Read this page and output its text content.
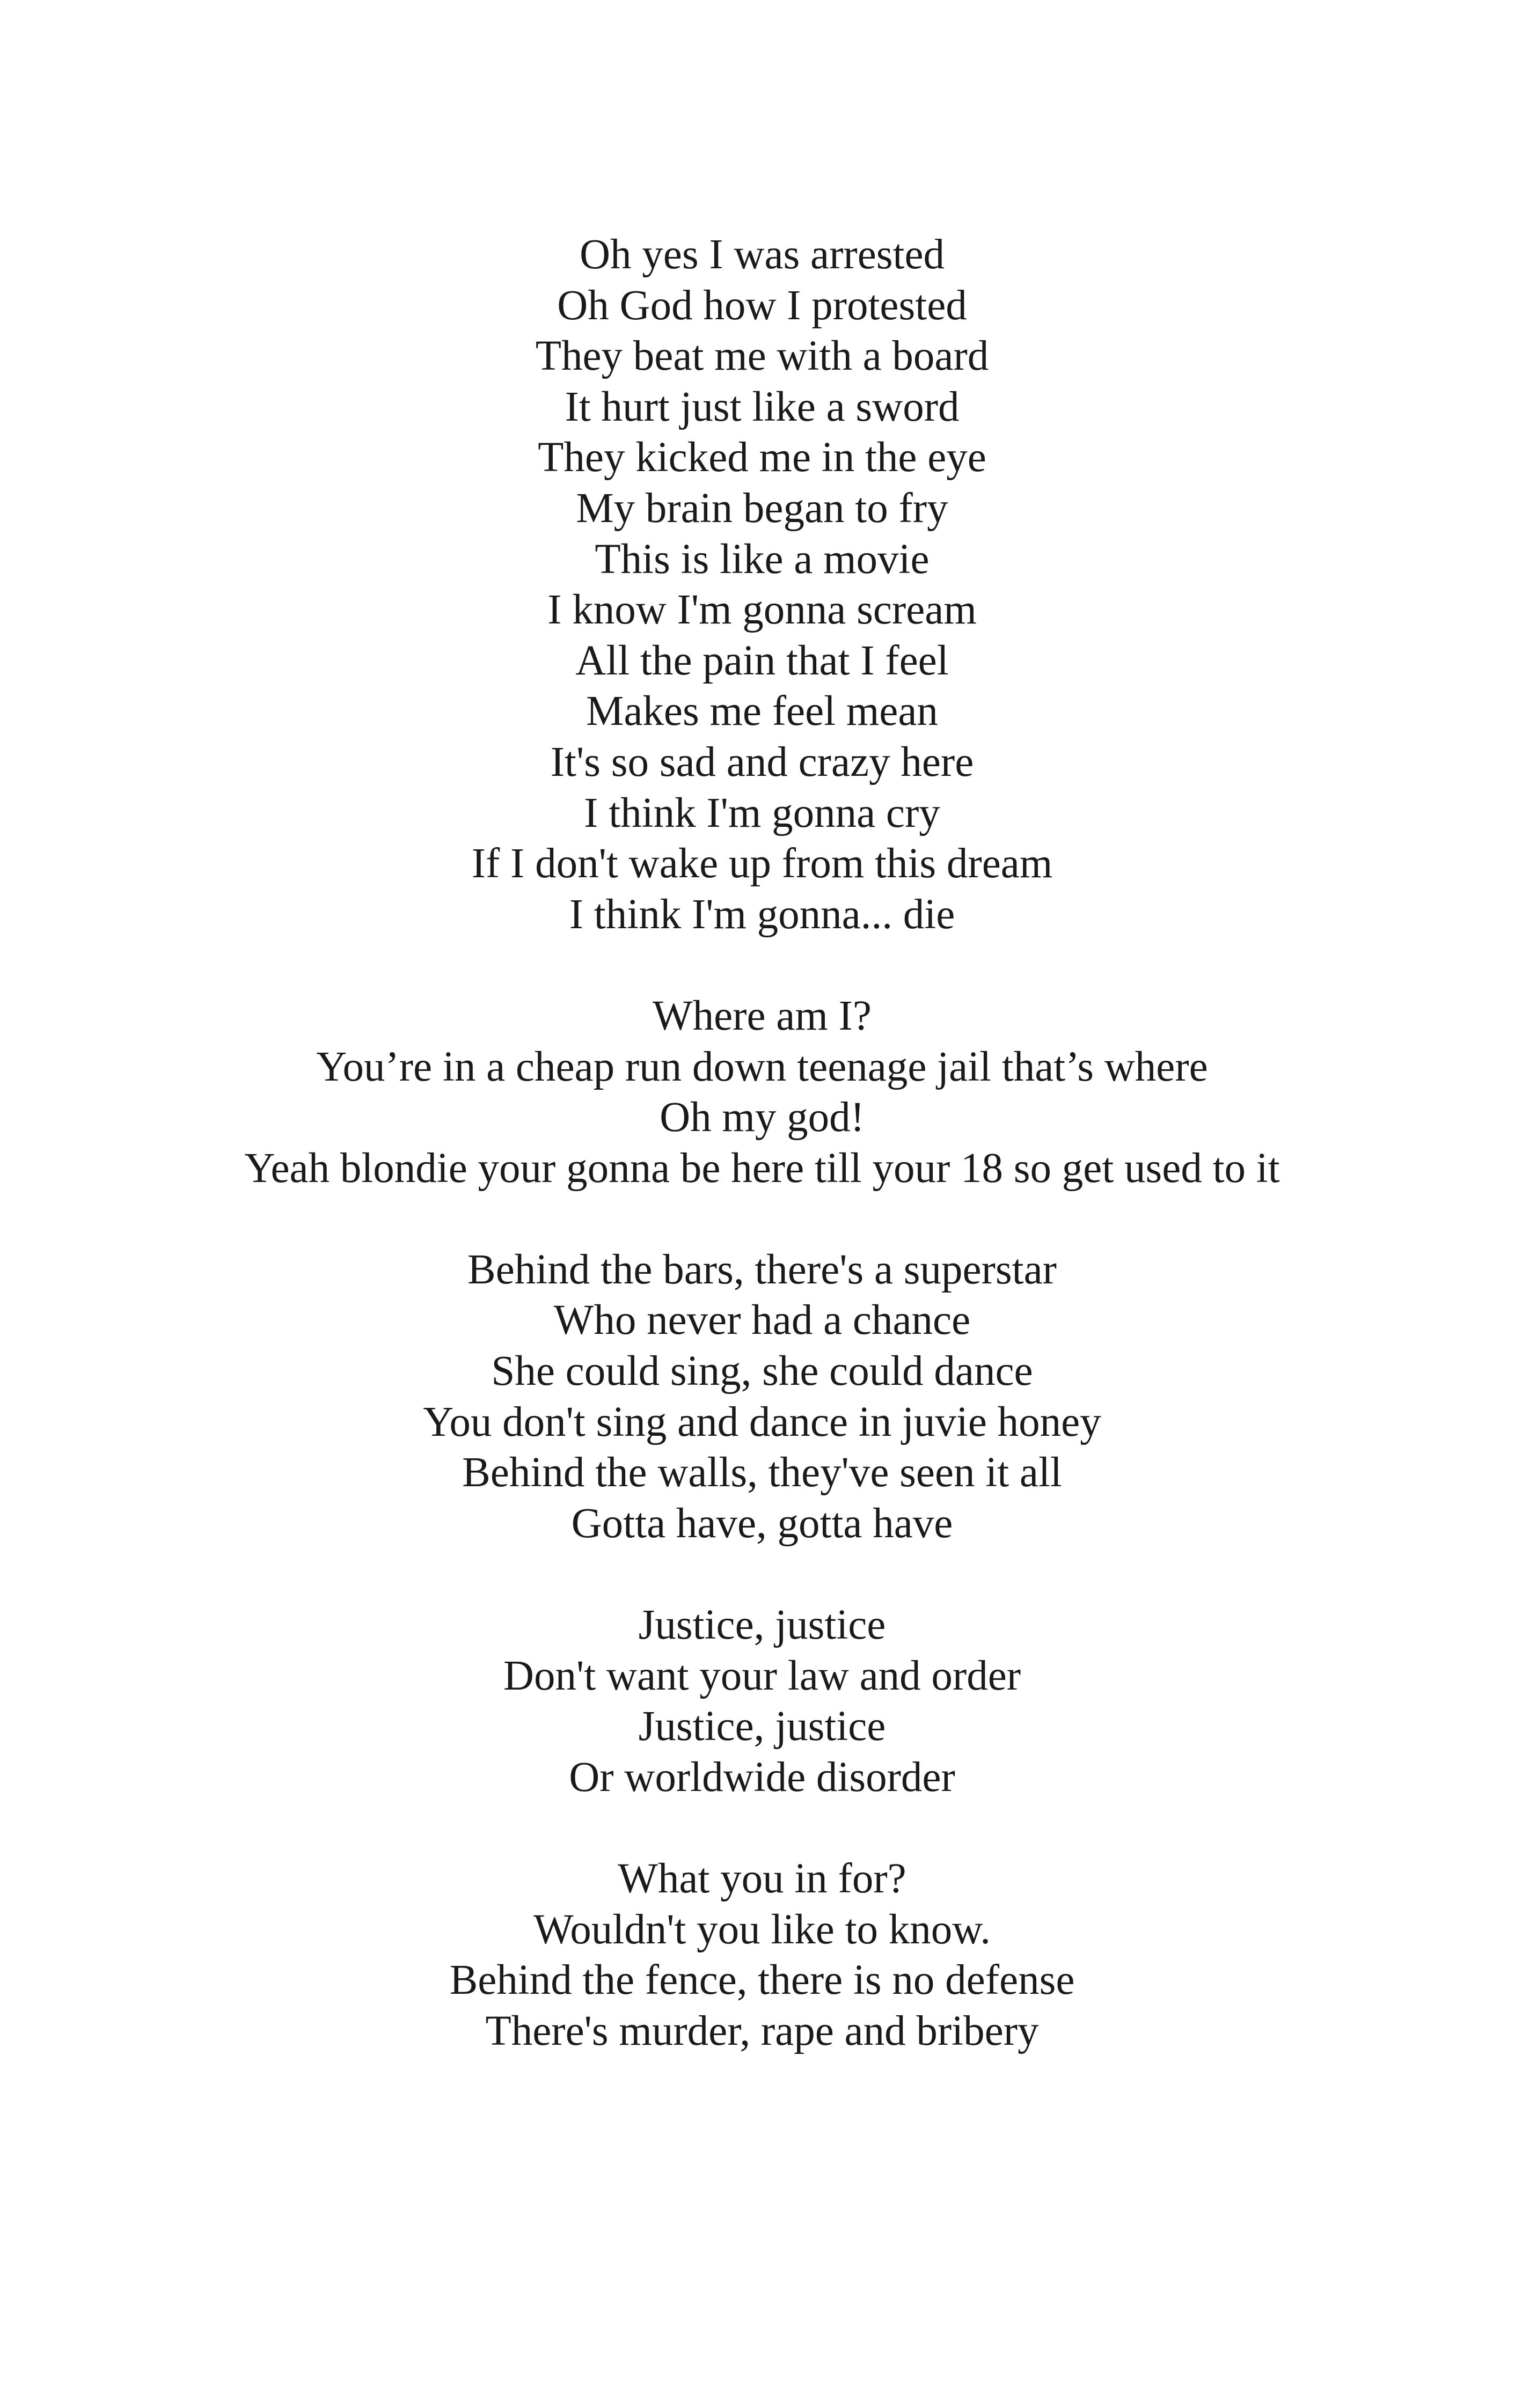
Oh yes I was arrested
Oh God how I protested
They beat me with a board
It hurt just like a sword
They kicked me in the eye
My brain began to fry
This is like a movie
I know I'm gonna scream
All the pain that I feel
Makes me feel mean
It's so sad and crazy here
I think I'm gonna cry
If I don't wake up from this dream
I think I'm gonna... die
Where am I?
You’re in a cheap run down teenage jail that’s where
Oh my god!
Yeah blondie your gonna be here till your 18 so get used to it
Behind the bars, there's a superstar
Who never had a chance
She could sing, she could dance
You don't sing and dance in juvie honey
Behind the walls, they've seen it all
Gotta have, gotta have
Justice, justice
Don't want your law and order
Justice, justice
Or worldwide disorder
What you in for?
Wouldn't you like to know.
Behind the fence, there is no defense
There's murder, rape and bribery
